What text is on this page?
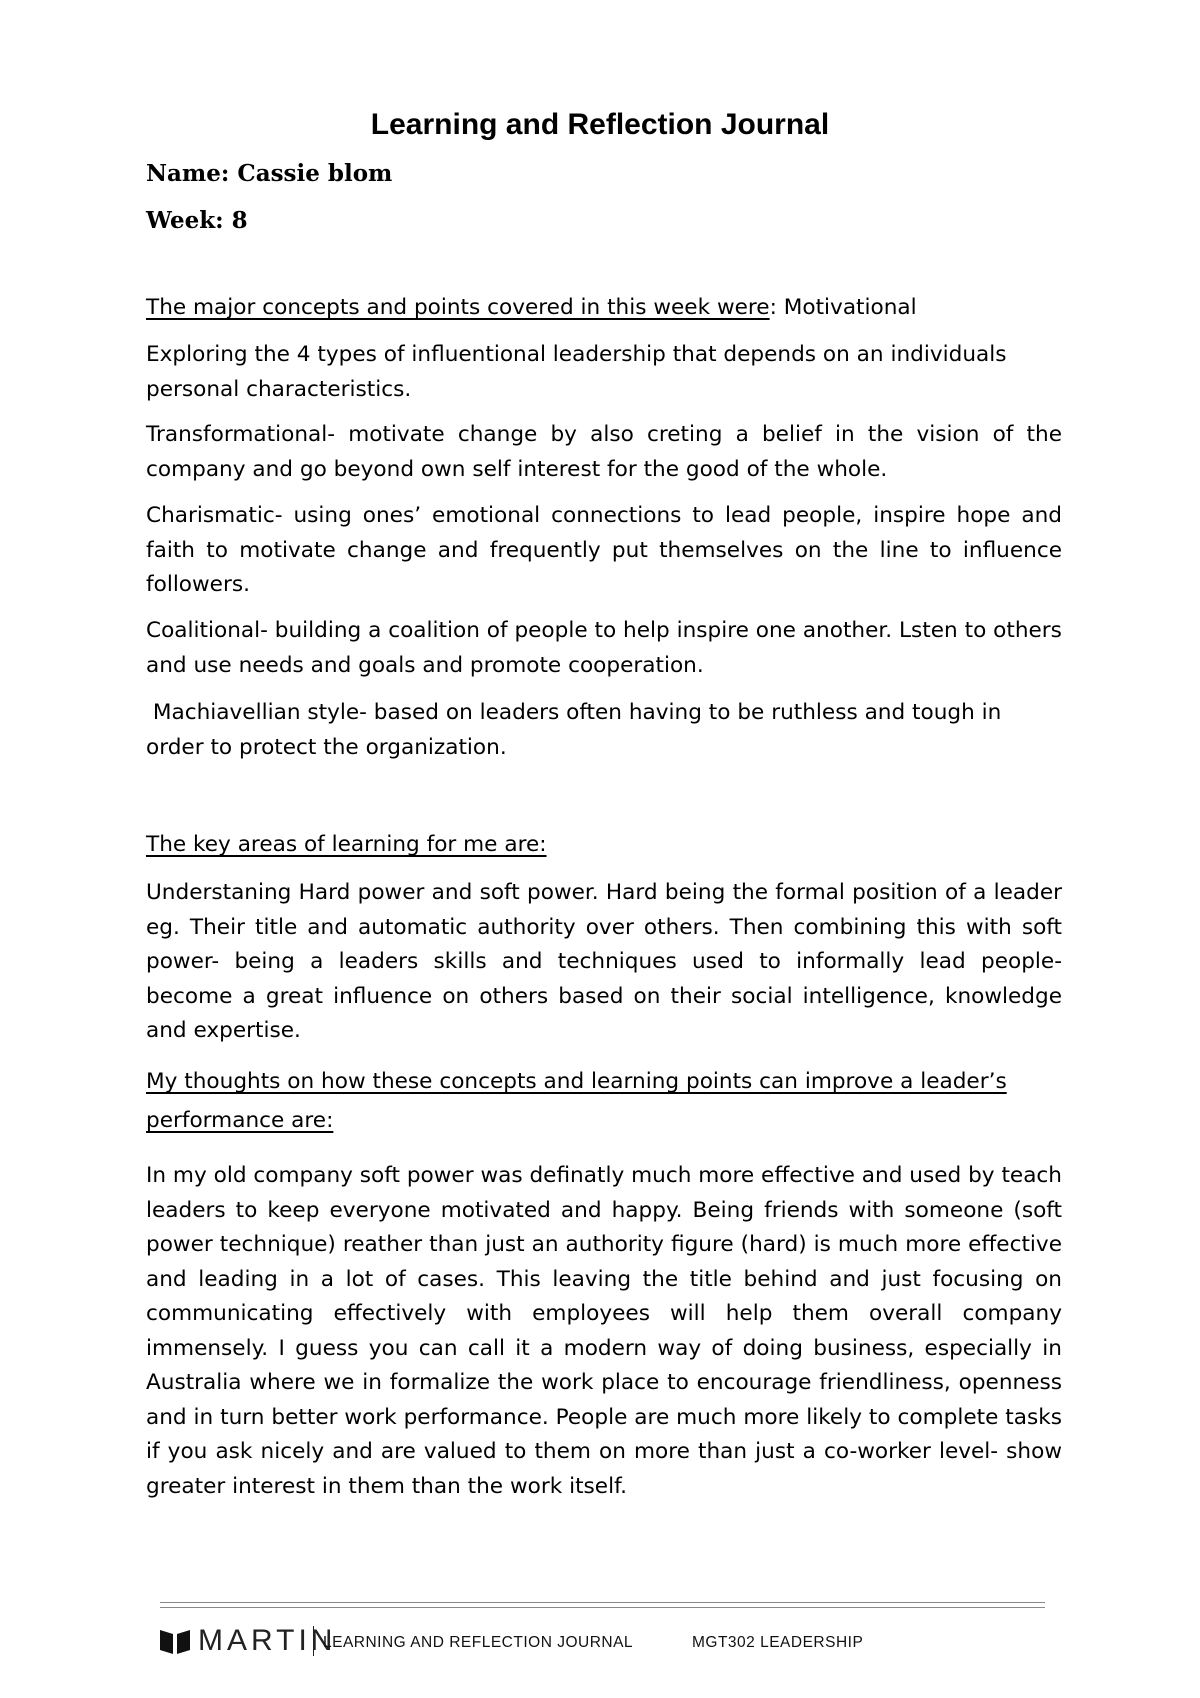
Learning and Reflection Journal

Name: Cassie blom

Week: 8

The major concepts and points covered in this week were: Motivational

Exploring the 4 types of influentional leadership that depends on an individuals personal characteristics.

Transformational- motivate change by also creting a belief in the vision of the company and go beyond own self interest for the good of the whole.

Charismatic- using ones’ emotional connections to lead people, inspire hope and faith to motivate change and frequently put themselves on the line to influence followers.

Coalitional- building a coalition of people to help inspire one another. Lsten to others and use needs and goals and promote cooperation.

Machiavellian style- based on leaders often having to be ruthless and tough in order to protect the organization.

The key areas of learning for me are:

Understaning Hard power and soft power. Hard being the formal position of a leader eg. Their title and automatic authority over others. Then combining this with soft power- being a leaders skills and techniques used to informally lead people- become a great influence on others based on their social intelligence, knowledge and expertise.

My thoughts on how these concepts and learning points can improve a leader’s performance are:

In my old company soft power was definatly much more effective and used by teach leaders to keep everyone motivated and happy. Being friends with someone (soft power technique) reather than just an authority figure (hard) is much more effective and leading in a lot of cases. This leaving the title behind and just focusing on communicating effectively with employees will help them overall company immensely. I guess you can call it a modern way of doing business, especially in Australia where we in formalize the work place to encourage friendliness, openness and in turn better work performance. People are much more likely to complete tasks if you ask nicely and are valued to them on more than just a co-worker level- show greater interest in them than the work itself.

MARTIN
LEARNING AND REFLECTION JOURNAL	MGT302 LEADERSHIP
